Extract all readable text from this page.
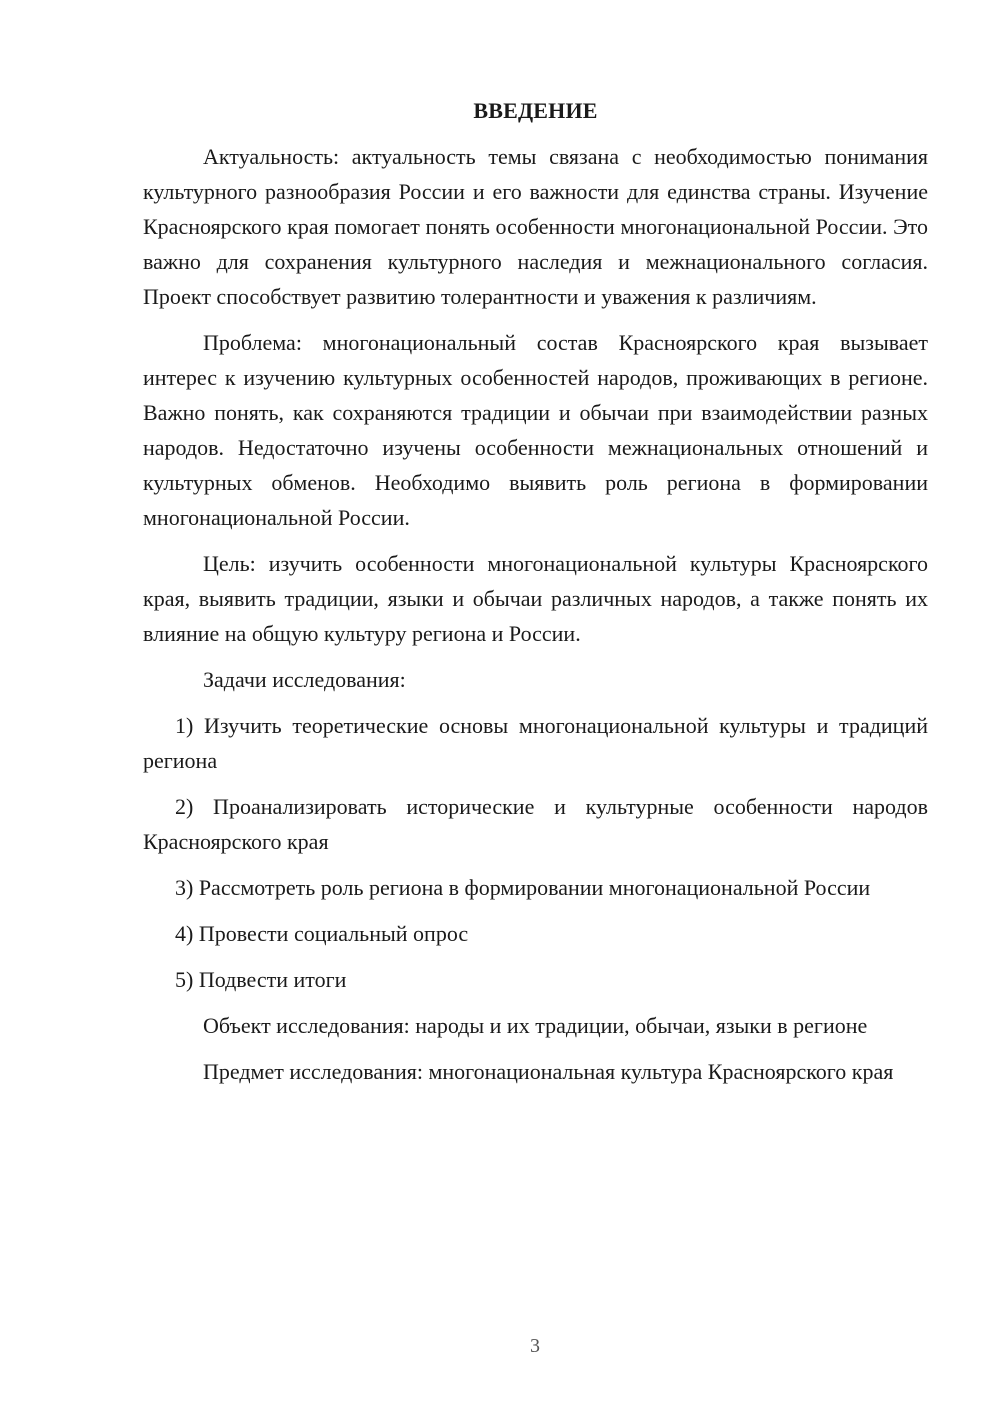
ВВЕДЕНИЕ

Актуальность: актуальность темы связана с необходимостью понимания культурного разнообразия России и его важности для единства страны. Изучение Красноярского края помогает понять особенности многонациональной России. Это важно для сохранения культурного наследия и межнационального согласия. Проект способствует развитию толерантности и уважения к различиям.

Проблема: многонациональный состав Красноярского края вызывает интерес к изучению культурных особенностей народов, проживающих в регионе. Важно понять, как сохраняются традиции и обычаи при взаимодействии разных народов. Недостаточно изучены особенности межнациональных отношений и культурных обменов. Необходимо выявить роль региона в формировании многонациональной России.

Цель: изучить особенности многонациональной культуры Красноярского края, выявить традиции, языки и обычаи различных народов, а также понять их влияние на общую культуру региона и России.

Задачи исследования:

1) Изучить теоретические основы многонациональной культуры и традиций региона

2) Проанализировать исторические и культурные особенности народов Красноярского края

3) Рассмотреть роль региона в формировании многонациональной России

4) Провести социальный опрос

5) Подвести итоги

Объект исследования: народы и их традиции, обычаи, языки в регионе

Предмет исследования: многонациональная культура Красноярского края

3
